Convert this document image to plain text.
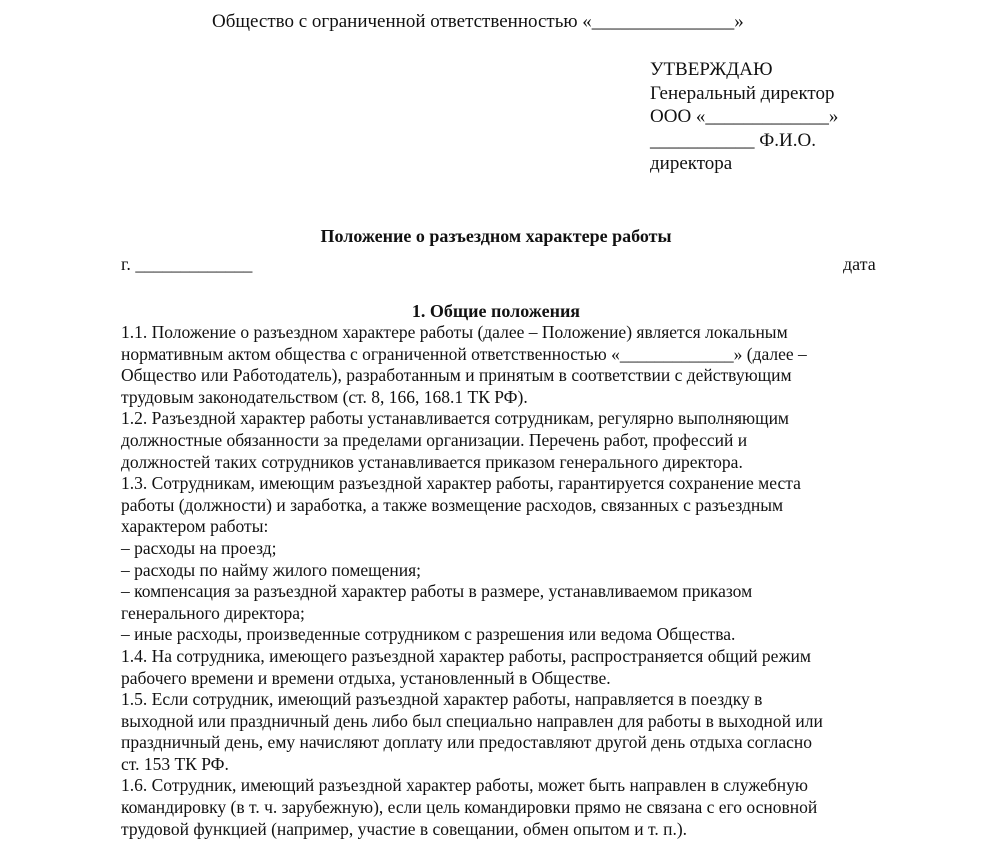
Общество с ограниченной ответственностью «_______________»
УТВЕРЖДАЮ
Генеральный директор
ООО «_____________»
___________ Ф.И.О.
директора
Положение о разъездном характере работы
г. _____________	дата
1. Общие положения
1.1. Положение о разъездном характере работы (далее – Положение) является локальным
нормативным актом общества с ограниченной ответственностью «_____________» (далее –
Общество или Работодатель), разработанным и принятым в соответствии с действующим
трудовым законодательством (ст. 8, 166, 168.1 ТК РФ).
1.2. Разъездной характер работы устанавливается сотрудникам, регулярно выполняющим
должностные обязанности за пределами организации. Перечень работ, профессий и
должностей таких сотрудников устанавливается приказом генерального директора.
1.3. Сотрудникам, имеющим разъездной характер работы, гарантируется сохранение места
работы (должности) и заработка, а также возмещение расходов, связанных с разъездным
характером работы:
– расходы на проезд;
– расходы по найму жилого помещения;
– компенсация за разъездной характер работы в размере, устанавливаемом приказом
генерального директора;
– иные расходы, произведенные сотрудником с разрешения или ведома Общества.
1.4. На сотрудника, имеющего разъездной характер работы, распространяется общий режим
рабочего времени и времени отдыха, установленный в Обществе.
1.5. Если сотрудник, имеющий разъездной характер работы, направляется в поездку в
выходной или праздничный день либо был специально направлен для работы в выходной или
праздничный день, ему начисляют доплату или предоставляют другой день отдыха согласно
ст. 153 ТК РФ.
1.6. Сотрудник, имеющий разъездной характер работы, может быть направлен в служебную
командировку (в т. ч. зарубежную), если цель командировки прямо не связана с его основной
трудовой функцией (например, участие в совещании, обмен опытом и т. п.).
